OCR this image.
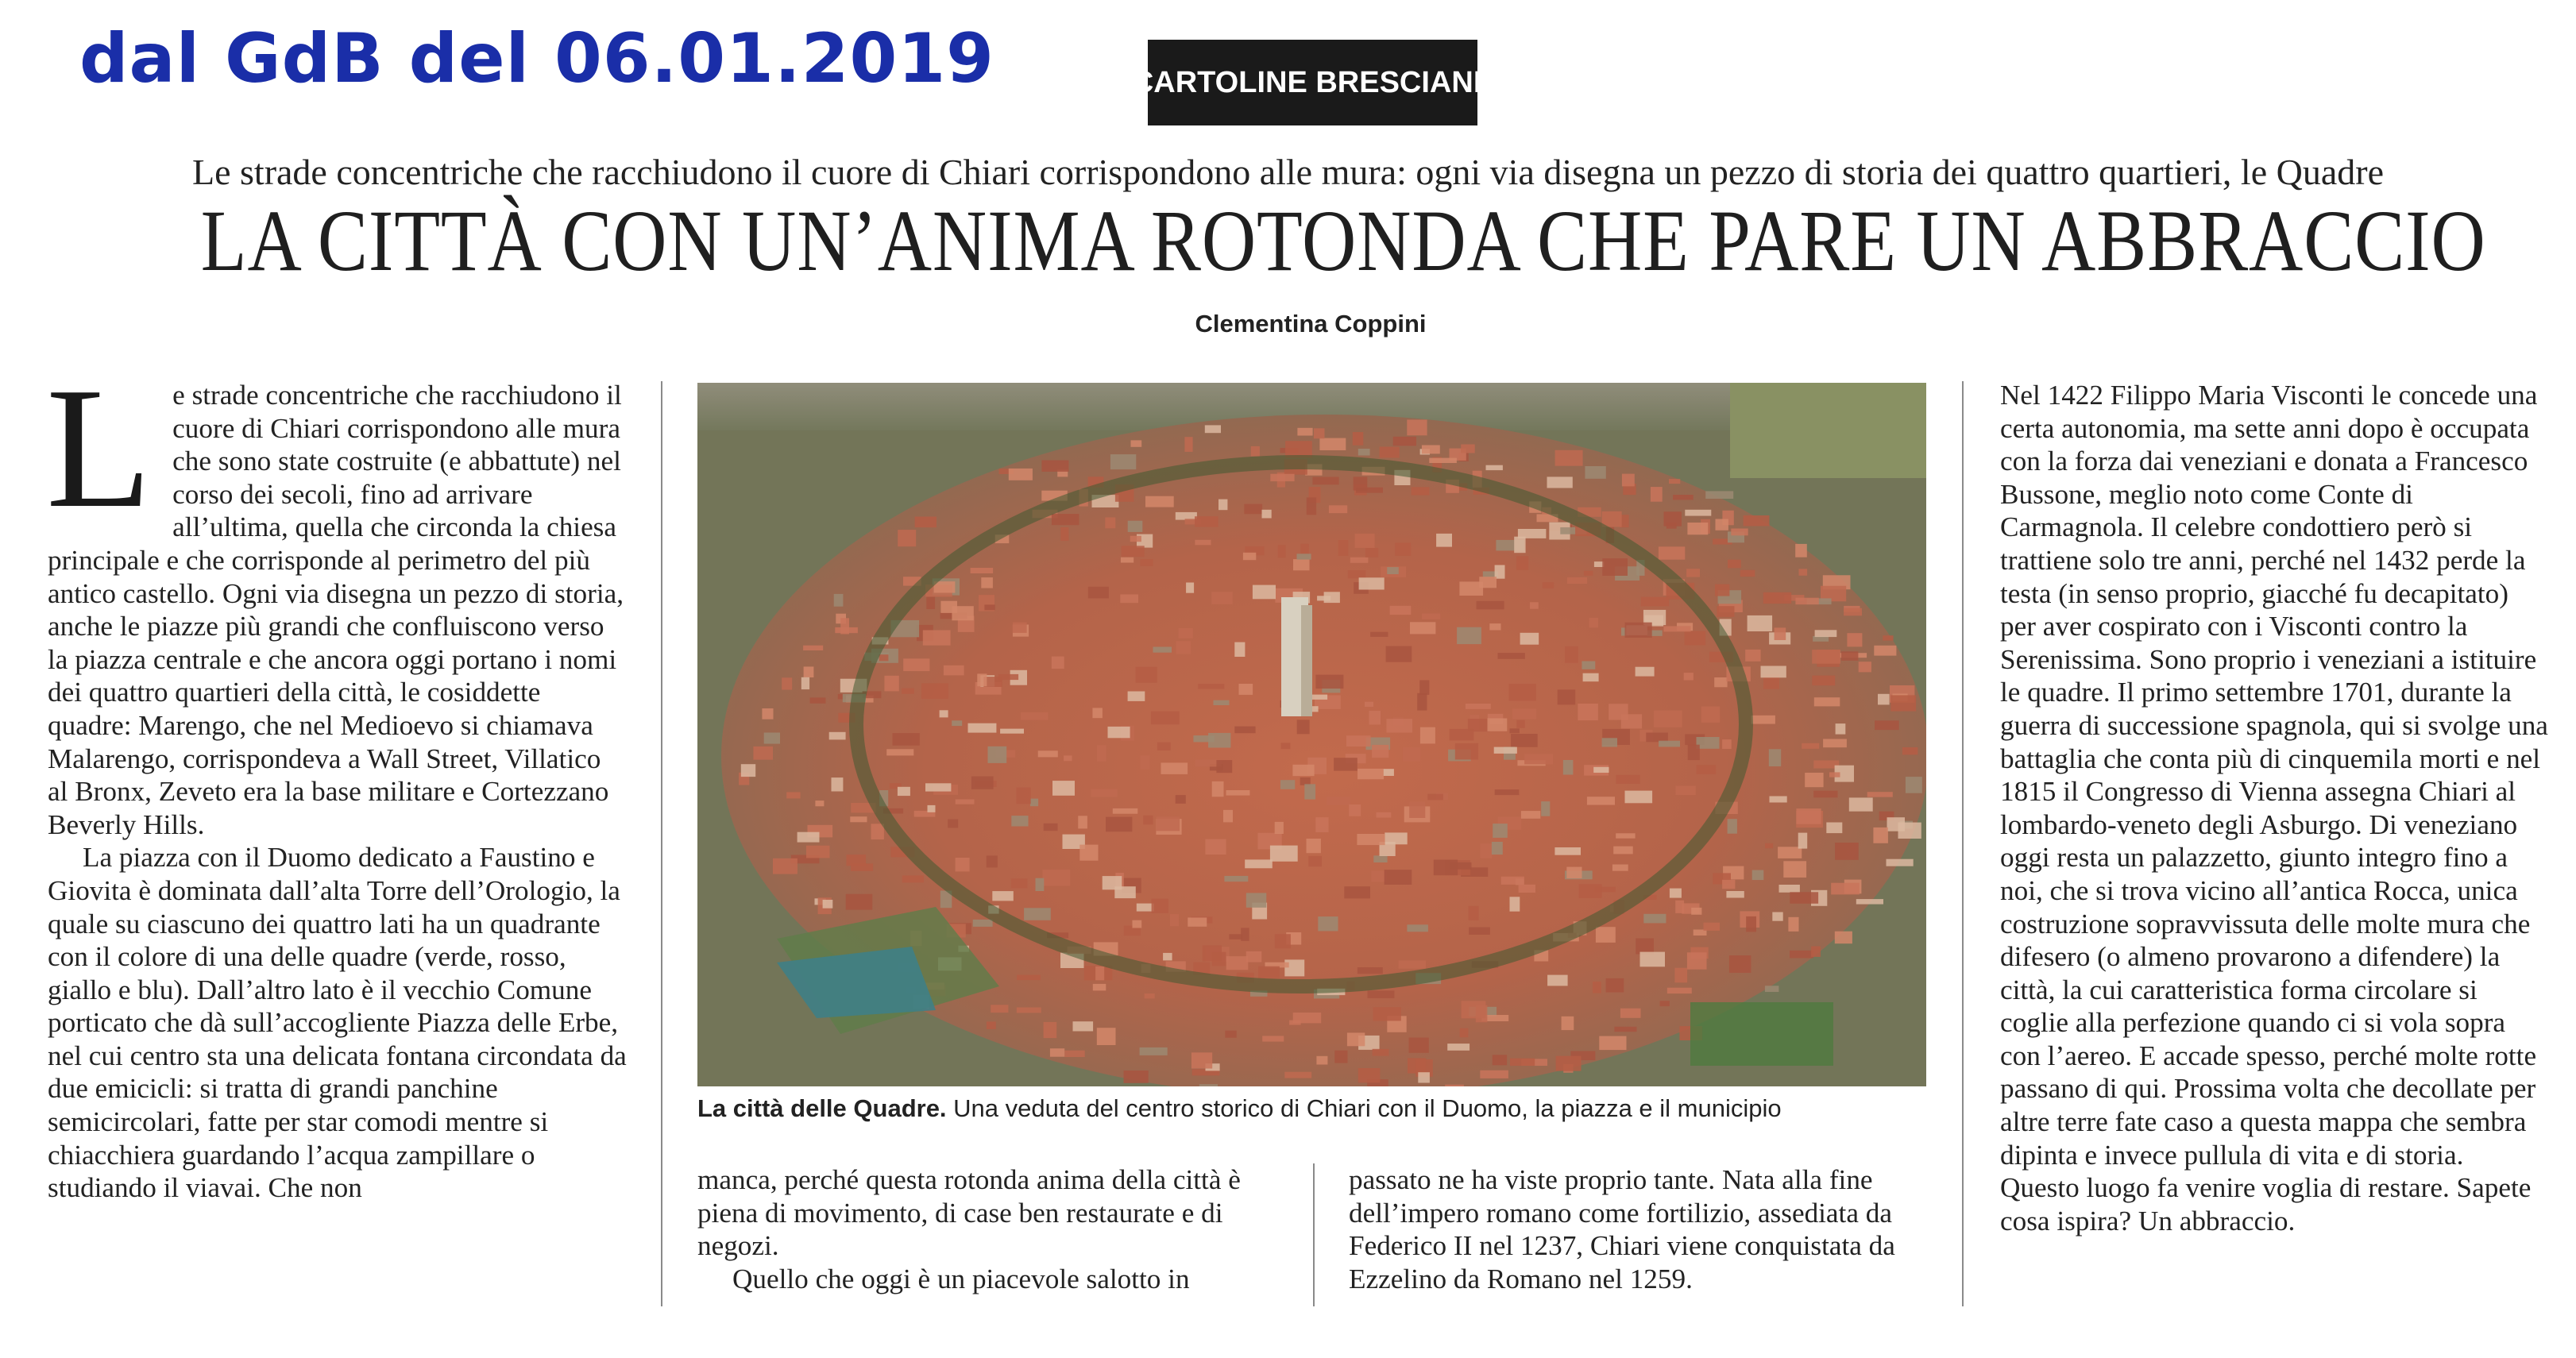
dal GdB del 06.01.2019	CARTOLINE BRESCIANE
Le strade concentriche che racchiudono il cuore di Chiari corrispondono alle mura: ogni via disegna un pezzo di storia dei quattro quartieri, le Quadre
LA CITTÀ CON UN’ANIMA ROTONDA CHE PARE UN ABBRACCIO
Clementina Coppini

Le strade concentriche che racchiudono il cuore di Chiari corrispondono alle mura che sono state costruite (e abbattute) nel corso dei secoli, fino ad arrivare all’ultima, quella che circonda la chiesa principale e che corrisponde al perimetro del più antico castello. Ogni via disegna un pezzo di storia, anche le piazze più grandi che confluiscono verso la piazza centrale e che ancora oggi portano i nomi dei quattro quartieri della città, le cosiddette quadre: Marengo, che nel Medioevo si chiamava Malarengo, corrispondeva a Wall Street, Villatico al Bronx, Zeveto era la base militare e Cortezzano Beverly Hills.

La piazza con il Duomo dedicato a Faustino e Giovita è dominata dall’alta Torre dell’Orologio, la quale su ciascuno dei quattro lati ha un quadrante con il colore di una delle quadre (verde, rosso, giallo e blu). Dall’altro lato è il vecchio Comune porticato che dà sull’accogliente Piazza delle Erbe, nel cui centro sta una delicata fontana circondata da due emicicli: si tratta di grandi panchine semicircolari, fatte per star comodi mentre si chiacchiera guardando l’acqua zampillare o studiando il viavai. Che non

La città delle Quadre. Una veduta del centro storico di Chiari con il Duomo, la piazza e il municipio

manca, perché questa rotonda anima della città è piena di movimento, di case ben restaurate e di negozi.

Quello che oggi è un piacevole salotto in

passato ne ha viste proprio tante. Nata alla fine dell’impero romano come fortilizio, assediata da Federico II nel 1237, Chiari viene conquistata da Ezzelino da Romano nel 1259.

Nel 1422 Filippo Maria Visconti le concede una certa autonomia, ma sette anni dopo è occupata con la forza dai veneziani e donata a Francesco Bussone, meglio noto come Conte di Carmagnola. Il celebre condottiero però si trattiene solo tre anni, perché nel 1432 perde la testa (in senso proprio, giacché fu decapitato) per aver cospirato con i Visconti contro la Serenissima. Sono proprio i veneziani a istituire le quadre. Il primo settembre 1701, durante la guerra di successione spagnola, qui si svolge una battaglia che conta più di cinquemila morti e nel 1815 il Congresso di Vienna assegna Chiari al lombardo-veneto degli Asburgo. Di veneziano oggi resta un palazzetto, giunto integro fino a noi, che si trova vicino all’antica Rocca, unica costruzione sopravvissuta delle molte mura che difesero (o almeno provarono a difendere) la città, la cui caratteristica forma circolare si coglie alla perfezione quando ci si vola sopra con l’aereo. E accade spesso, perché molte rotte passano di qui. Prossima volta che decollate per altre terre fate caso a questa mappa che sembra dipinta e invece pullula di vita e di storia. Questo luogo fa venire voglia di restare. Sapete cosa ispira? Un abbraccio.
